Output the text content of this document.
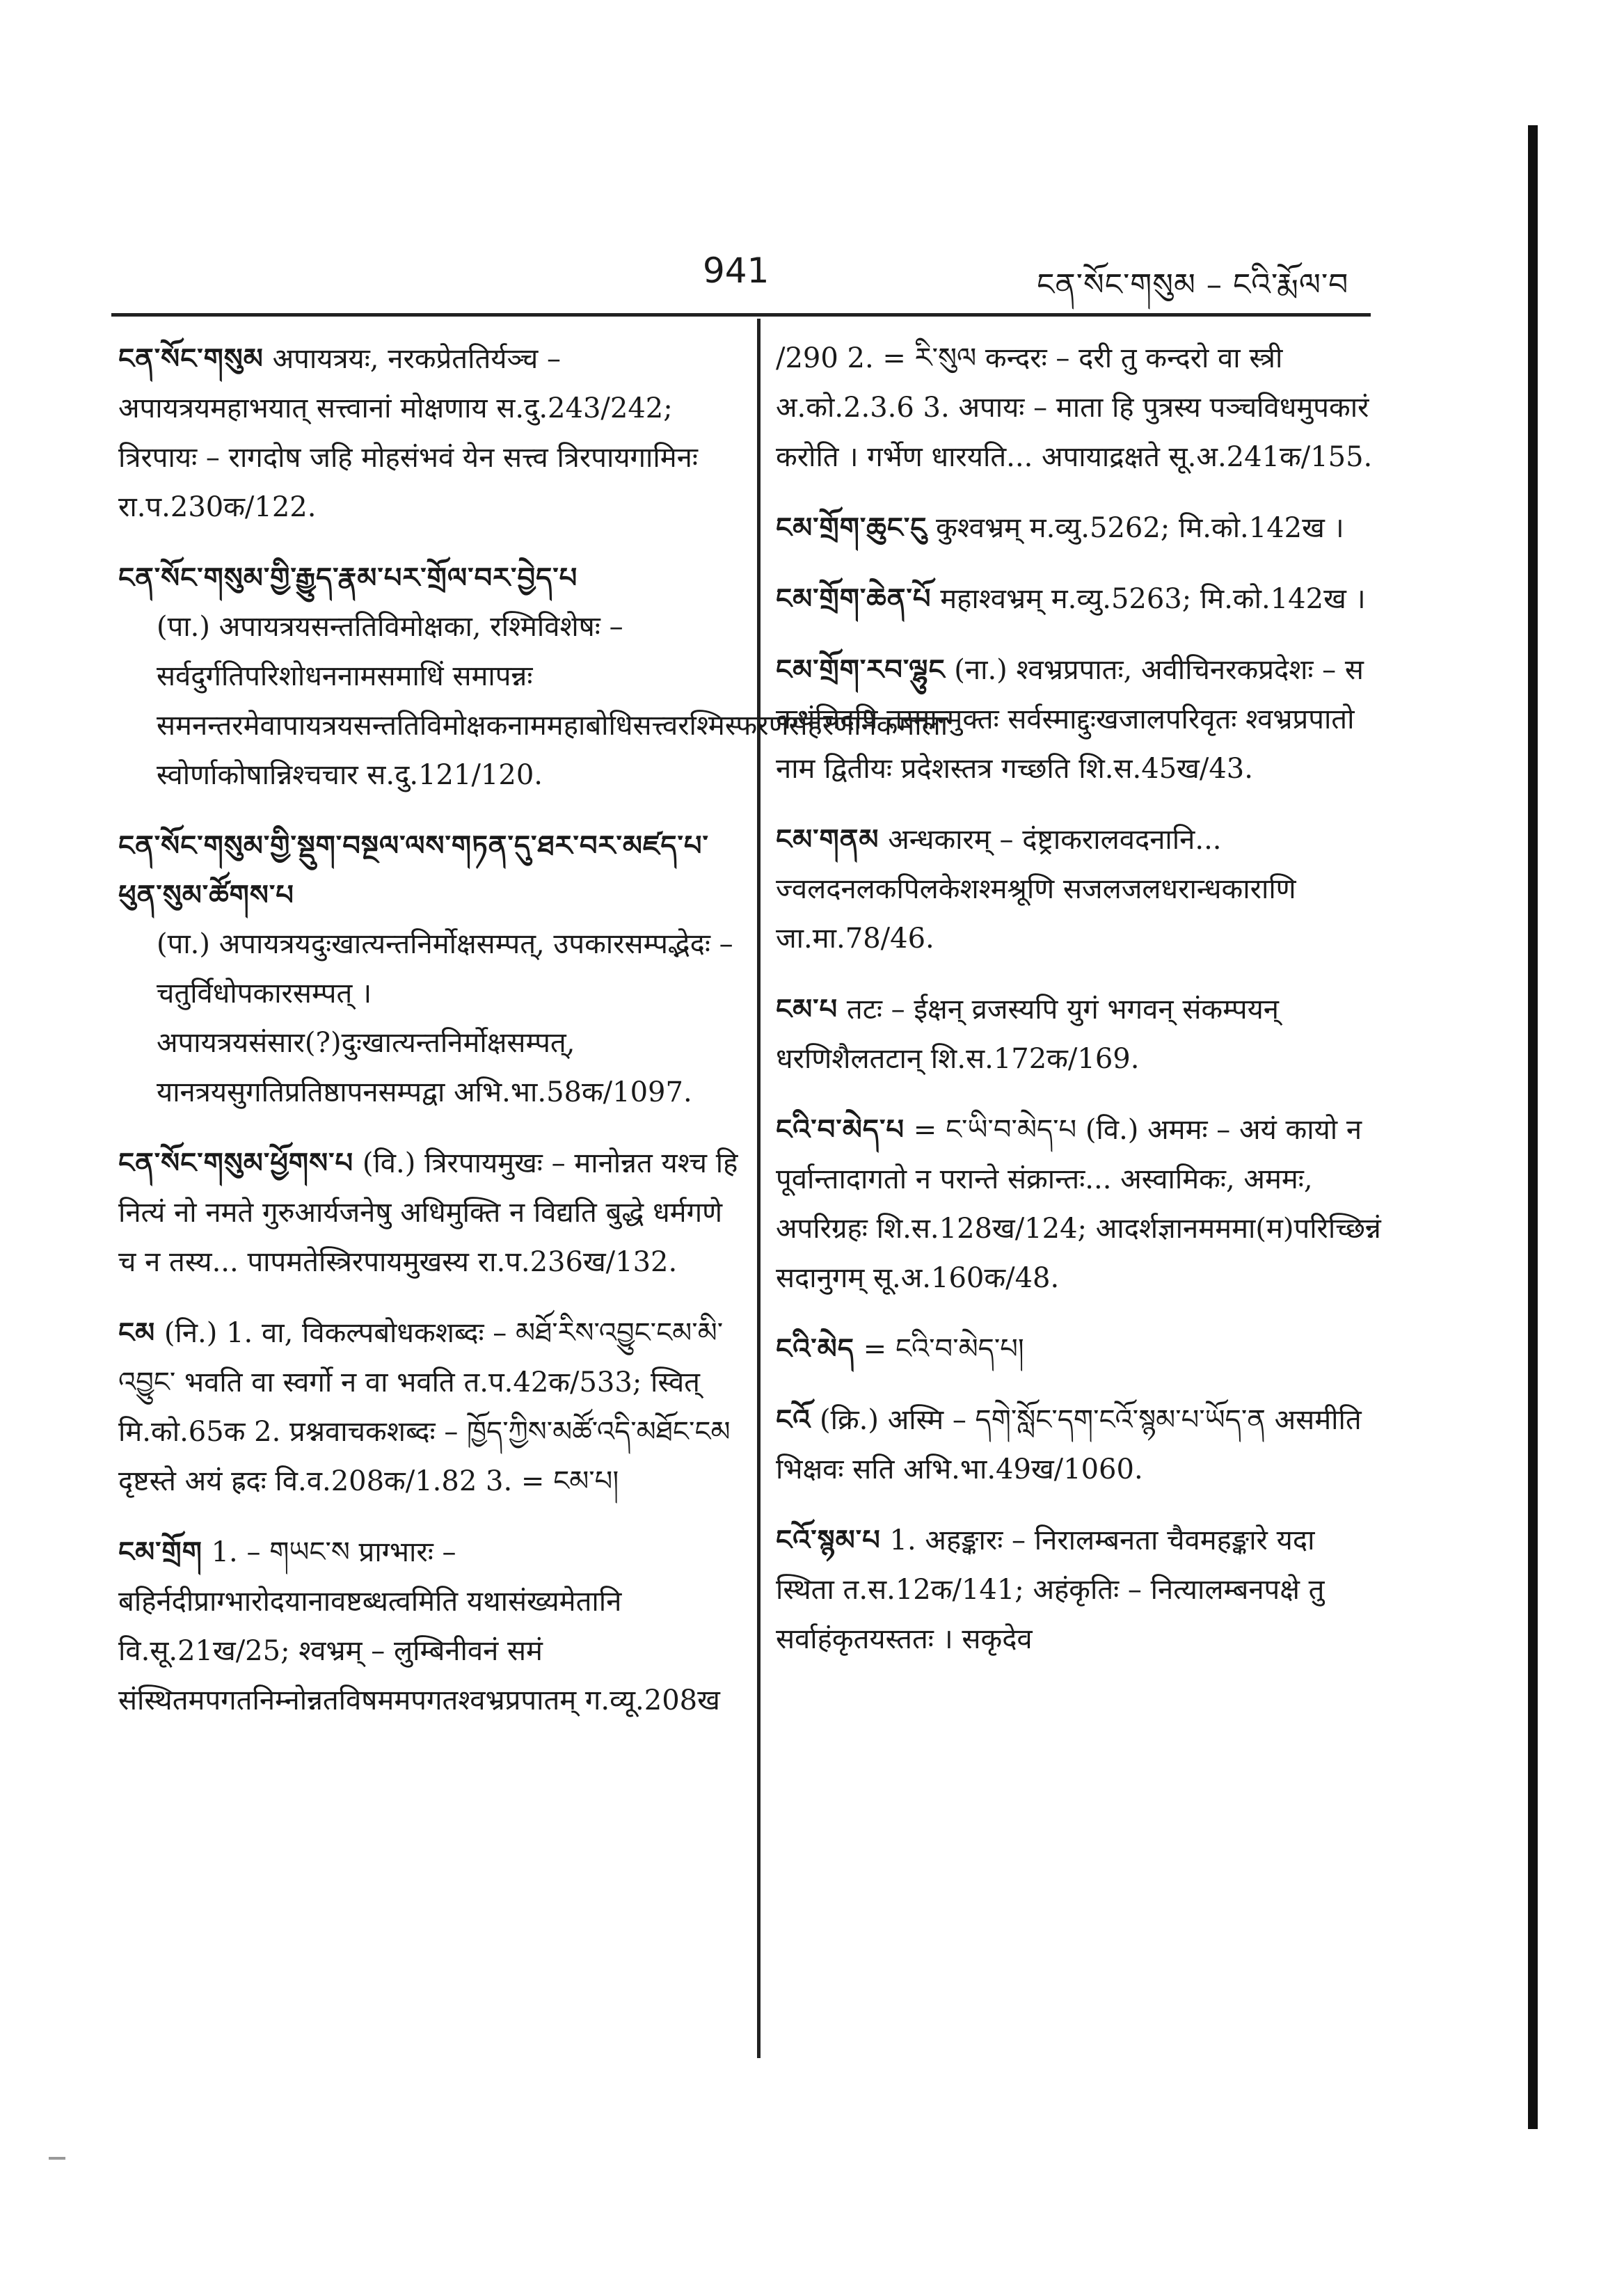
941	ངན་སོང་གསུམ – ངའི་རྨོལ་བ
ངན་སོང་གསུམ अपायत्रयः, नरकप्रेततिर्यञ्च – अपायत्रयमहाभयात् सत्त्वानां मोक्षणाय स.दु.243/242; त्रिरपायः – रागदोष जहि मोहसंभवं येन सत्त्व त्रिरपायगामिनः रा.प.230क/122.
ངན་སོང་གསུམ་གྱི་རྒྱུད་རྣམ་པར་གྲོལ་བར་བྱེད་པ
(पा.) अपायत्रयसन्ततिविमोक्षका, रश्मिविशेषः – सर्वदुर्गतिपरिशोधननामसमाधिं समापन्नः समनन्तरमेवापायत्रयसन्ततिविमोक्षकनाममहाबोधिसत्त्वरश्मिस्फरणसंहरणानेकमाला स्वोर्णाकोषान्निश्चचार स.दु.121/120.
ངན་སོང་གསུམ་གྱི་སྡུག་བསྔལ་ལས་གཏན་དུ་ཐར་བར་མཛད་པ་ཕུན་སུམ་ཚོགས་པ
(पा.) अपायत्रयदुःखात्यन्तनिर्मोक्षसम्पत्, उपकारसम्पद्भेदः – चतुर्विधोपकारसम्पत् । अपायत्रयसंसार(?)दुःखात्यन्तनिर्मोक्षसम्पत्, यानत्रयसुगतिप्रतिष्ठापनसम्पद्वा अभि.भा.58क/1097.
ངན་སོང་གསུམ་ཕྱོགས་པ (वि.) त्रिरपायमुखः – मानोन्नत यश्च हि नित्यं नो नमते गुरुआर्यजनेषु अधिमुक्ति न विद्यति बुद्धे धर्मगणे च न तस्य... पापमतेस्त्रिरपायमुखस्य रा.प.236ख/132.
ངམ (नि.) 1. वा, विकल्पबोधकशब्दः – མཐོ་རིས་འབྱུང་ངམ་མི་འབྱུང་ भवति वा स्वर्गो न वा भवति त.प.42क/533; स्वित् मि.को.65क 2. प्रश्नवाचकशब्दः – ཁྱོད་ཀྱིས་མཚོ་འདི་མཐོང་ངམ दृष्टस्ते अयं ह्रदः वि.व.208क/1.82 3. = ངམ་པ།
ངམ་གྲོག 1. – གཡང་ས प्राग्भारः – बहिर्नदीप्राग्भारोदयानावष्टब्धत्वमिति यथासंख्यमेतानि वि.सू.21ख/25; श्वभ्रम् – लुम्बिनीवनं समं संस्थितमपगतनिम्नोन्नतविषममपगतश्वभ्रप्रपातम् ग.व्यू.208ख
/290 2. = རི་སུལ कन्दरः – दरी तु कन्दरो वा स्त्री अ.को.2.3.6 3. अपायः – माता हि पुत्रस्य पञ्चविधमुपकारं करोति । गर्भेण धारयति... अपायाद्रक्षते सू.अ.241क/155.
ངམ་གྲོག་ཆུང་ངུ कुश्वभ्रम् म.व्यु.5262; मि.को.142ख ।
ངམ་གྲོག་ཆེན་པོ महाश्वभ्रम् म.व्यु.5263; मि.को.142ख ।
ངམ་གྲོག་རབ་ལྷུང (ना.) श्वभ्रप्रपातः, अवीचिनरकप्रदेशः – स कथंचिदपि तस्मान्मुक्तः सर्वस्माद्दुःखजालपरिवृतः श्वभ्रप्रपातो नाम द्वितीयः प्रदेशस्तत्र गच्छति शि.स.45ख/43.
ངམ་གནམ अन्धकारम् – दंष्ट्राकरालवदनानि... ज्वलदनलकपिलकेशश्मश्रूणि सजलजलधरान्धकाराणि जा.मा.78/46.
ངམ་པ तटः – ईक्षन् व्रजस्यपि युगं भगवन् संकम्पयन् धरणिशैलतटान् शि.स.172क/169.
ངའི་བ་མེད་པ = ང་ཡི་བ་མེད་པ (वि.) अममः – अयं कायो न पूर्वान्तादागतो न परान्ते संक्रान्तः... अस्वामिकः, अममः, अपरिग्रहः शि.स.128ख/124; आदर्शज्ञानमममा(म)परिच्छिन्नं सदानुगम् सू.अ.160क/48.
ངའི་མེད = ངའི་བ་མེད་པ།
ངའོ (क्रि.) अस्मि – དགེ་སློང་དག་ངའོ་སྙམ་པ་ཡོད་ན असमीति भिक्षवः सति अभि.भा.49ख/1060.
ངའོ་སྙམ་པ 1. अहङ्कारः – निरालम्बनता चैवमहङ्कारे यदा स्थिता त.स.12क/141; अहंकृतिः – नित्यालम्बनपक्षे तु सर्वाहंकृतयस्ततः । सकृदेव
